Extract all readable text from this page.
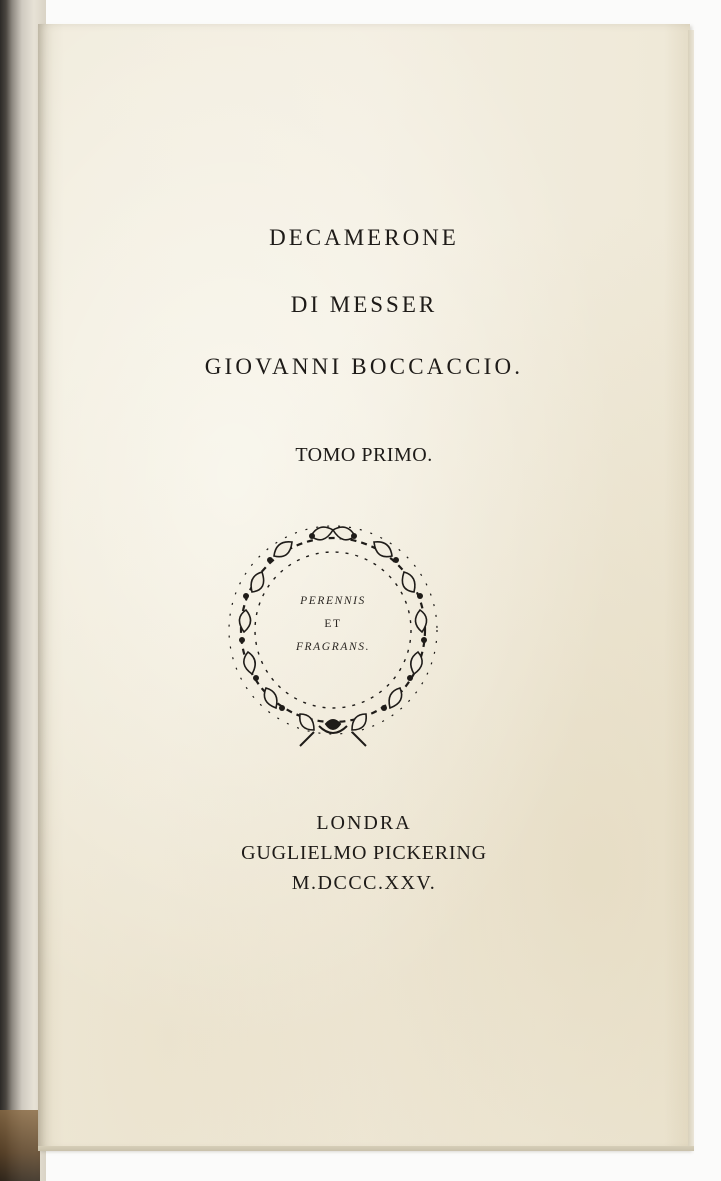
DECAMERONE
DI MESSER
GIOVANNI BOCCACCIO.
TOMO PRIMO.
PERENNIS
ET
FRAGRANS.
LONDRA
GUGLIELMO PICKERING
M.DCCC.XXV.
